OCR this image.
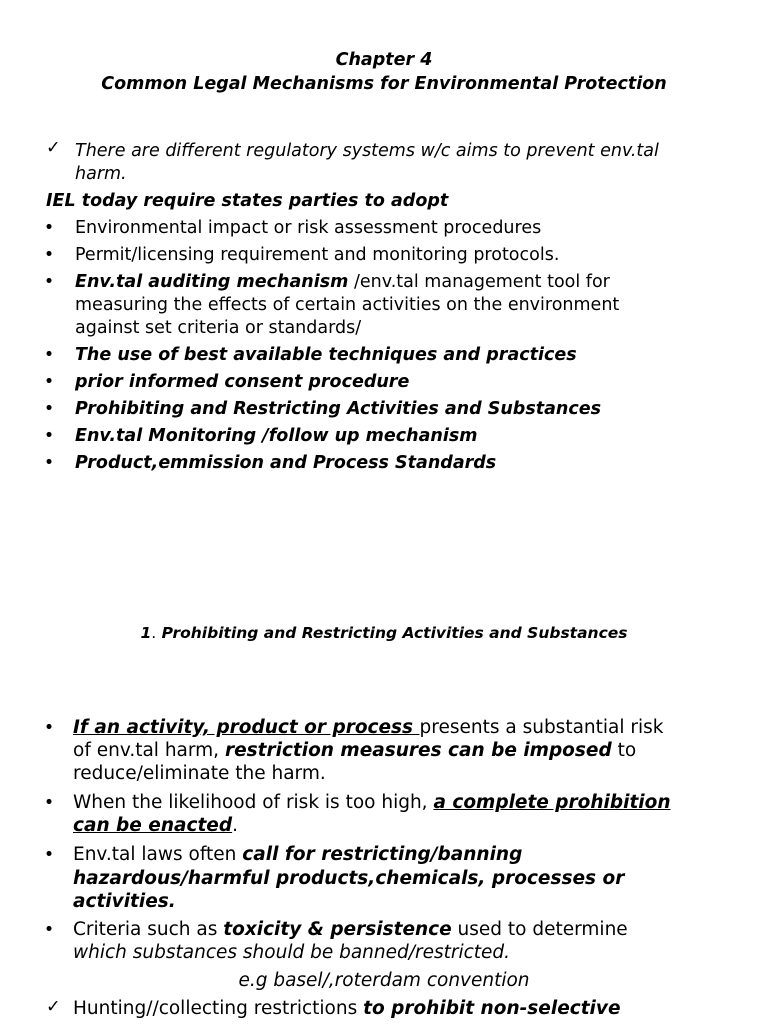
Chapter 4
Common Legal Mechanisms for Environmental Protection
✓ There are different regulatory systems w/c aims to prevent env.tal
harm.
IEL today require states parties to adopt
• Environmental impact or risk assessment procedures
• Permit/licensing requirement and monitoring protocols.
• Env.tal auditing mechanism /env.tal management tool for
measuring the effects of certain activities on the environment
against set criteria or standards/
• The use of best available techniques and practices
• prior informed consent procedure
• Prohibiting and Restricting Activities and Substances
• Env.tal Monitoring /follow up mechanism
• Product,emmission and Process Standards
1. Prohibiting and Restricting Activities and Substances
• If an activity, product or process presents a substantial risk
of env.tal harm, restriction measures can be imposed to
reduce/eliminate the harm.
• When the likelihood of risk is too high, a complete prohibition
can be enacted.
• Env.tal laws often call for restricting/banning
hazardous/harmful products,chemicals, processes or
activities.
• Criteria such as toxicity & persistence used to determine
which substances should be banned/restricted.
e.g basel/,roterdam convention
✓ Hunting//collecting restrictions to prohibit non-selective
